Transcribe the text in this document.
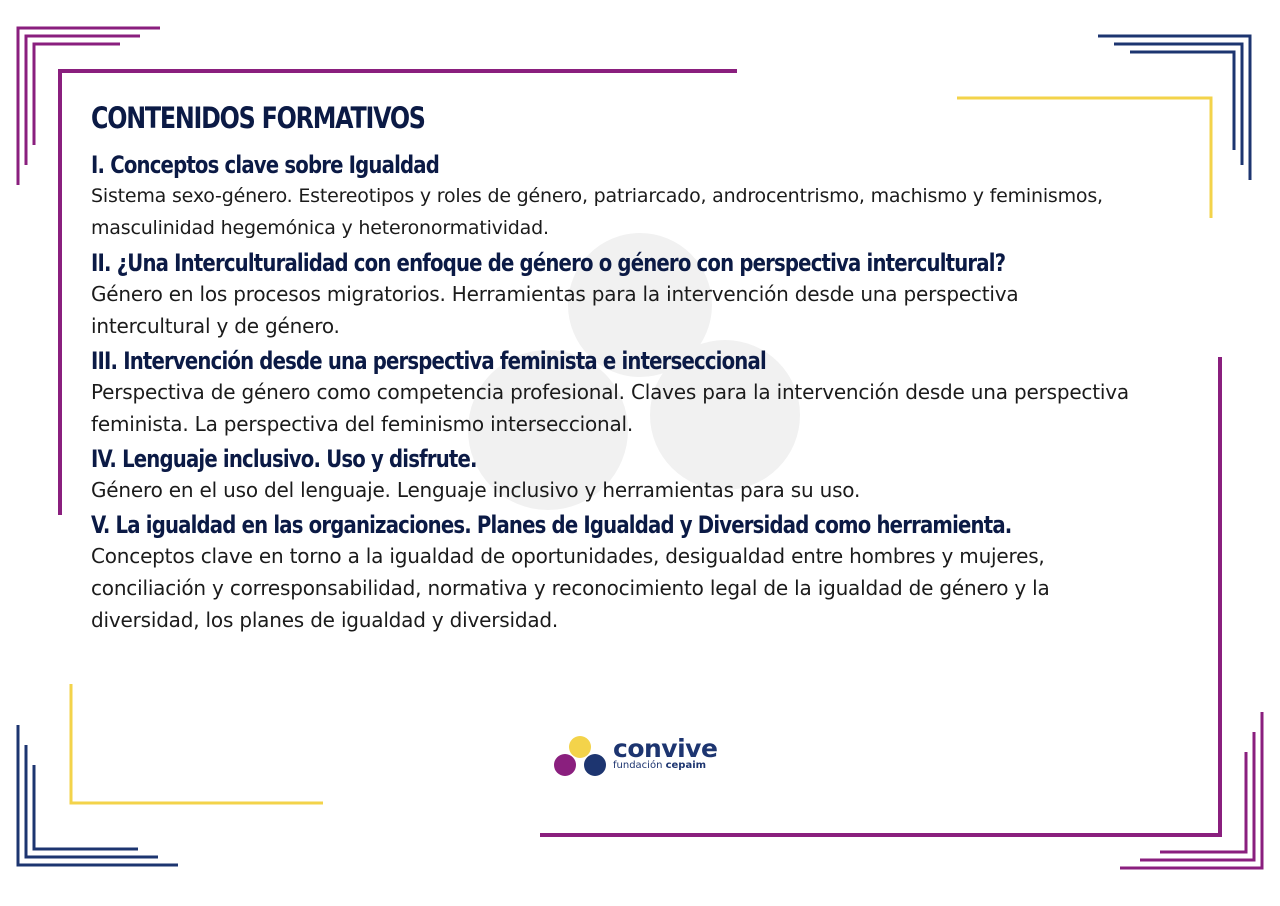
CONTENIDOS FORMATIVOS
I. Conceptos clave sobre Igualdad
Sistema sexo-género. Estereotipos y roles de género, patriarcado, androcentrismo, machismo y feminismos,
masculinidad hegemónica y heteronormatividad.
II. ¿Una Interculturalidad con enfoque de género o género con perspectiva intercultural?
Género en los procesos migratorios. Herramientas para la intervención desde una perspectiva
intercultural y de género.
III. Intervención desde una perspectiva feminista e interseccional
Perspectiva de género como competencia profesional. Claves para la intervención desde una perspectiva
feminista. La perspectiva del feminismo interseccional.
IV. Lenguaje inclusivo. Uso y disfrute.
Género en el uso del lenguaje. Lenguaje inclusivo y herramientas para su uso.
V. La igualdad en las organizaciones. Planes de Igualdad y Diversidad como herramienta.
Conceptos clave en torno a la igualdad de oportunidades, desigualdad entre hombres y mujeres,
conciliación y corresponsabilidad, normativa y reconocimiento legal de la igualdad de género y la
diversidad, los planes de igualdad y diversidad.
convive
fundación cepaim
